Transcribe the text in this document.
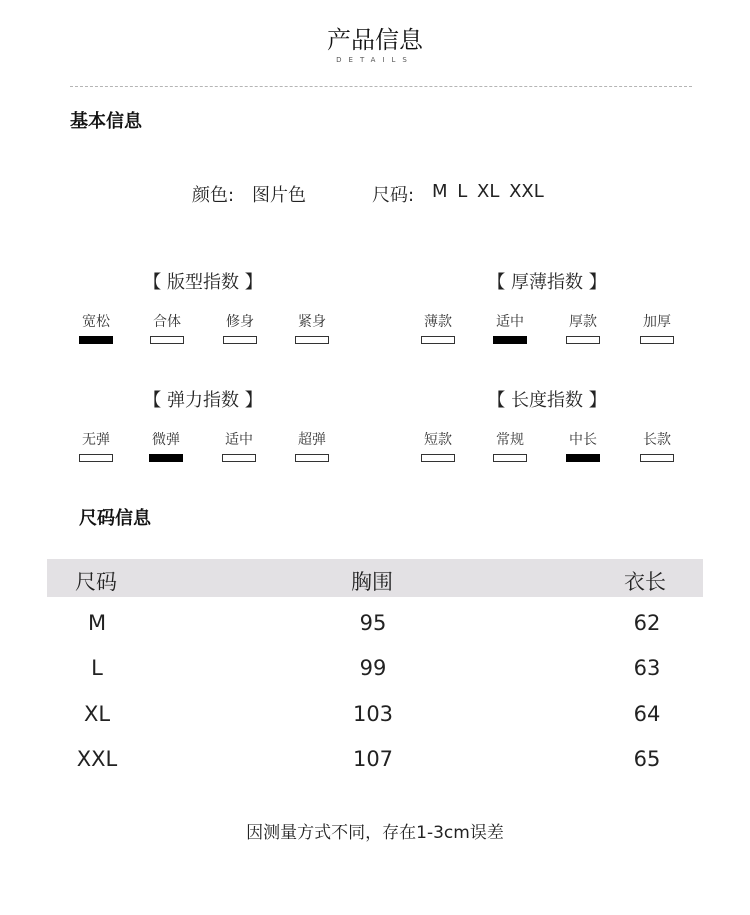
产品信息
DETAILS
基本信息
颜色: 图片色	尺码: M L XL XXL
【 版型指数 】	【 厚薄指数 】
【 弹力指数 】	【 长度指数 】
宽松	合体	修身	紧身	薄款	适中	厚款	加厚
无弹	微弹	适中	超弹	短款	常规	中长	长款
尺码信息
尺码	胸围	衣长
M	95	62
L	99	63
XL	103	64
XXL	107	65
因测量方式不同，存在1-3cm误差
